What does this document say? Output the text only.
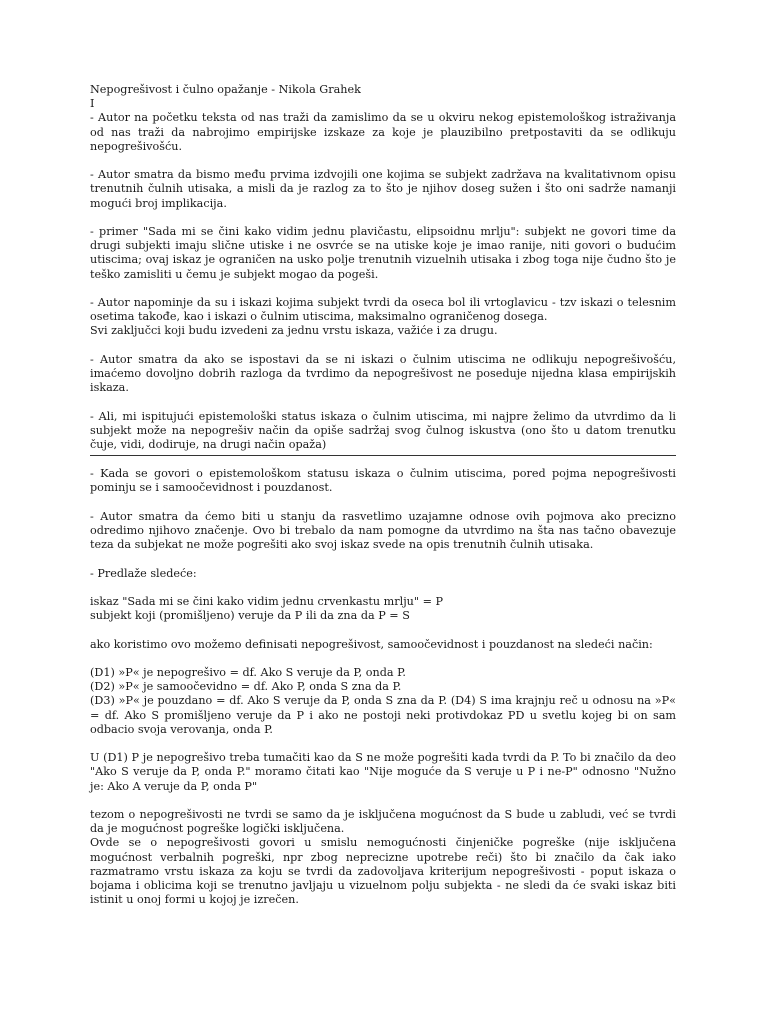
Nepogrešivost i čulno opažanje - Nikola Grahek

I

- Autor na početku teksta od nas traži da zamislimo da se u okviru nekog epistemološkog istraživanja od nas traži da nabrojimo empirijske izskaze za koje je plauzibilno pretpostaviti da se odlikuju nepogrešivošću.

- Autor smatra da bismo među prvima izdvojili one kojima se subjekt zadržava na kvalitativnom opisu trenutnih čulnih utisaka, a misli da je razlog za to što je njihov doseg sužen i što oni sadrže namanji mogući broj implikacija.

- primer "Sada mi se čini kako vidim jednu plavičastu, elipsoidnu mrlju": subjekt ne govori time da drugi subjekti imaju slične utiske i ne osvrće se na utiske koje je imao ranije, niti govori o budućim utiscima; ovaj iskaz je ograničen na usko polje trenutnih vizuelnih utisaka i zbog toga nije čudno što je teško zamisliti u čemu je subjekt mogao da pogeši.

- Autor napominje da su i iskazi kojima subjekt tvrdi da oseca bol ili vrtoglavicu - tzv iskazi o telesnim osetima takođe, kao i iskazi o čulnim utiscima, maksimalno ograničenog dosega.

Svi zaključci koji budu izvedeni za jednu vrstu iskaza, važiće i za drugu.

- Autor smatra da ako se ispostavi da se ni iskazi o čulnim utiscima ne odlikuju nepogrešivošću, imaćemo dovoljno dobrih razloga da tvrdimo da nepogrešivost ne poseduje nijedna klasa empirijskih iskaza.

- Ali, mi ispitujući epistemološki status iskaza o čulnim utiscima, mi najpre želimo da utvrdimo da li subjekt može na nepogrešiv način da opiše sadržaj svog čulnog iskustva (ono što u datom trenutku čuje, vidi, dodiruje, na drugi način opaža)

- Kada se govori o epistemološkom statusu iskaza o čulnim utiscima, pored pojma nepogrešivosti pominju se i samoočevidnost i pouzdanost.

- Autor smatra da ćemo biti u stanju da rasvetlimo uzajamne odnose ovih pojmova ako precizno odredimo njihovo značenje. Ovo bi trebalo da nam pomogne da utvrdimo na šta nas tačno obavezuje teza da subjekat ne može pogrešiti ako svoj iskaz svede na opis trenutnih čulnih utisaka.

- Predlaže sledeće:

iskaz "Sada mi se čini kako vidim jednu crvenkastu mrlju" = P

subjekt koji (promišljeno) veruje da P ili da zna da P = S

ako koristimo ovo možemo definisati nepogrešivost, samoočevidnost i pouzdanost na sledeći način:

(D1) »P« je nepogrešivo = df. Ako S veruje da P, onda P.

(D2) »P« je samoočevidno = df. Ako P, onda S zna da P.

(D3) »P« je pouzdano = df. Ako S veruje da P, onda S zna da P. (D4) S ima krajnju reč u odnosu na »P« = df. Ako S promišljeno veruje da P i ako ne postoji neki protivdokaz PD u svetlu kojeg bi on sam odbacio svoja verovanja, onda P.

U (D1) P je nepogrešivo treba tumačiti kao da S ne može pogrešiti kada tvrdi da P. To bi značilo da deo "Ako S veruje da P, onda P." moramo čitati kao "Nije moguće da S veruje u P i ne-P" odnosno "Nužno je: Ako A veruje da P, onda P"

tezom o nepogrešivosti ne tvrdi se samo da je isključena mogućnost da S bude u zabludi, već se tvrdi da je mogućnost pogreške logički isključena.

Ovde se o nepogrešivosti govori u smislu nemogućnosti činjeničke pogreške (nije isključena mogućnost verbalnih pogreški, npr zbog neprecizne upotrebe reči) što bi značilo da čak iako razmatramo vrstu iskaza za koju se tvrdi da zadovoljava kriterijum nepogrešivosti - poput iskaza o bojama i oblicima koji se trenutno javljaju u vizuelnom polju subjekta - ne sledi da će svaki iskaz biti istinit u onoj formi u kojoj je izrečen.
